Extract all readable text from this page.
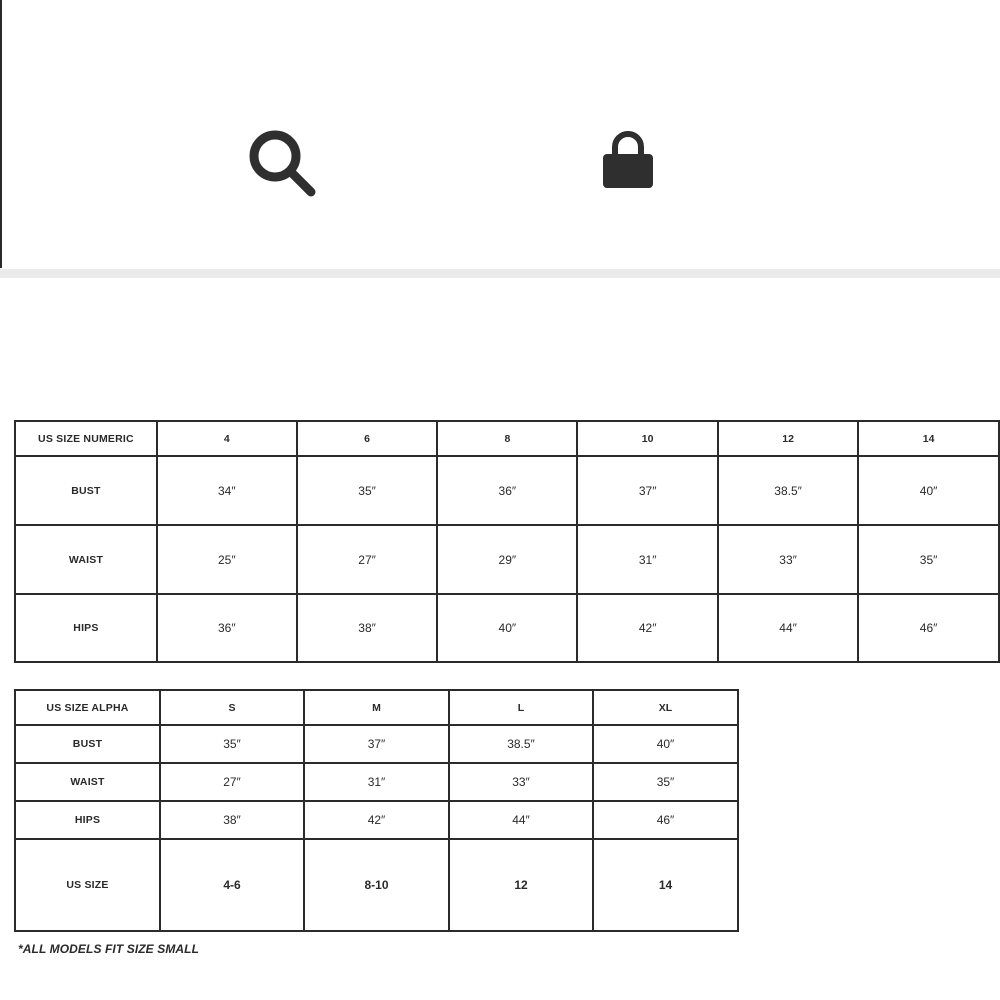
US SIZE NUMERIC	4	6	8	10	12	14
BUST	34″	35″	36″	37″	38.5″	40″
WAIST	25″	27″	29″	31″	33″	35″
HIPS	36″	38″	40″	42″	44″	46″
US SIZE ALPHA	S	M	L	XL
BUST	35″	37″	38.5″	40″
WAIST	27″	31″	33″	35″
HIPS	38″	42″	44″	46″
US SIZE	4-6	8-10	12	14
*ALL MODELS FIT SIZE SMALL
